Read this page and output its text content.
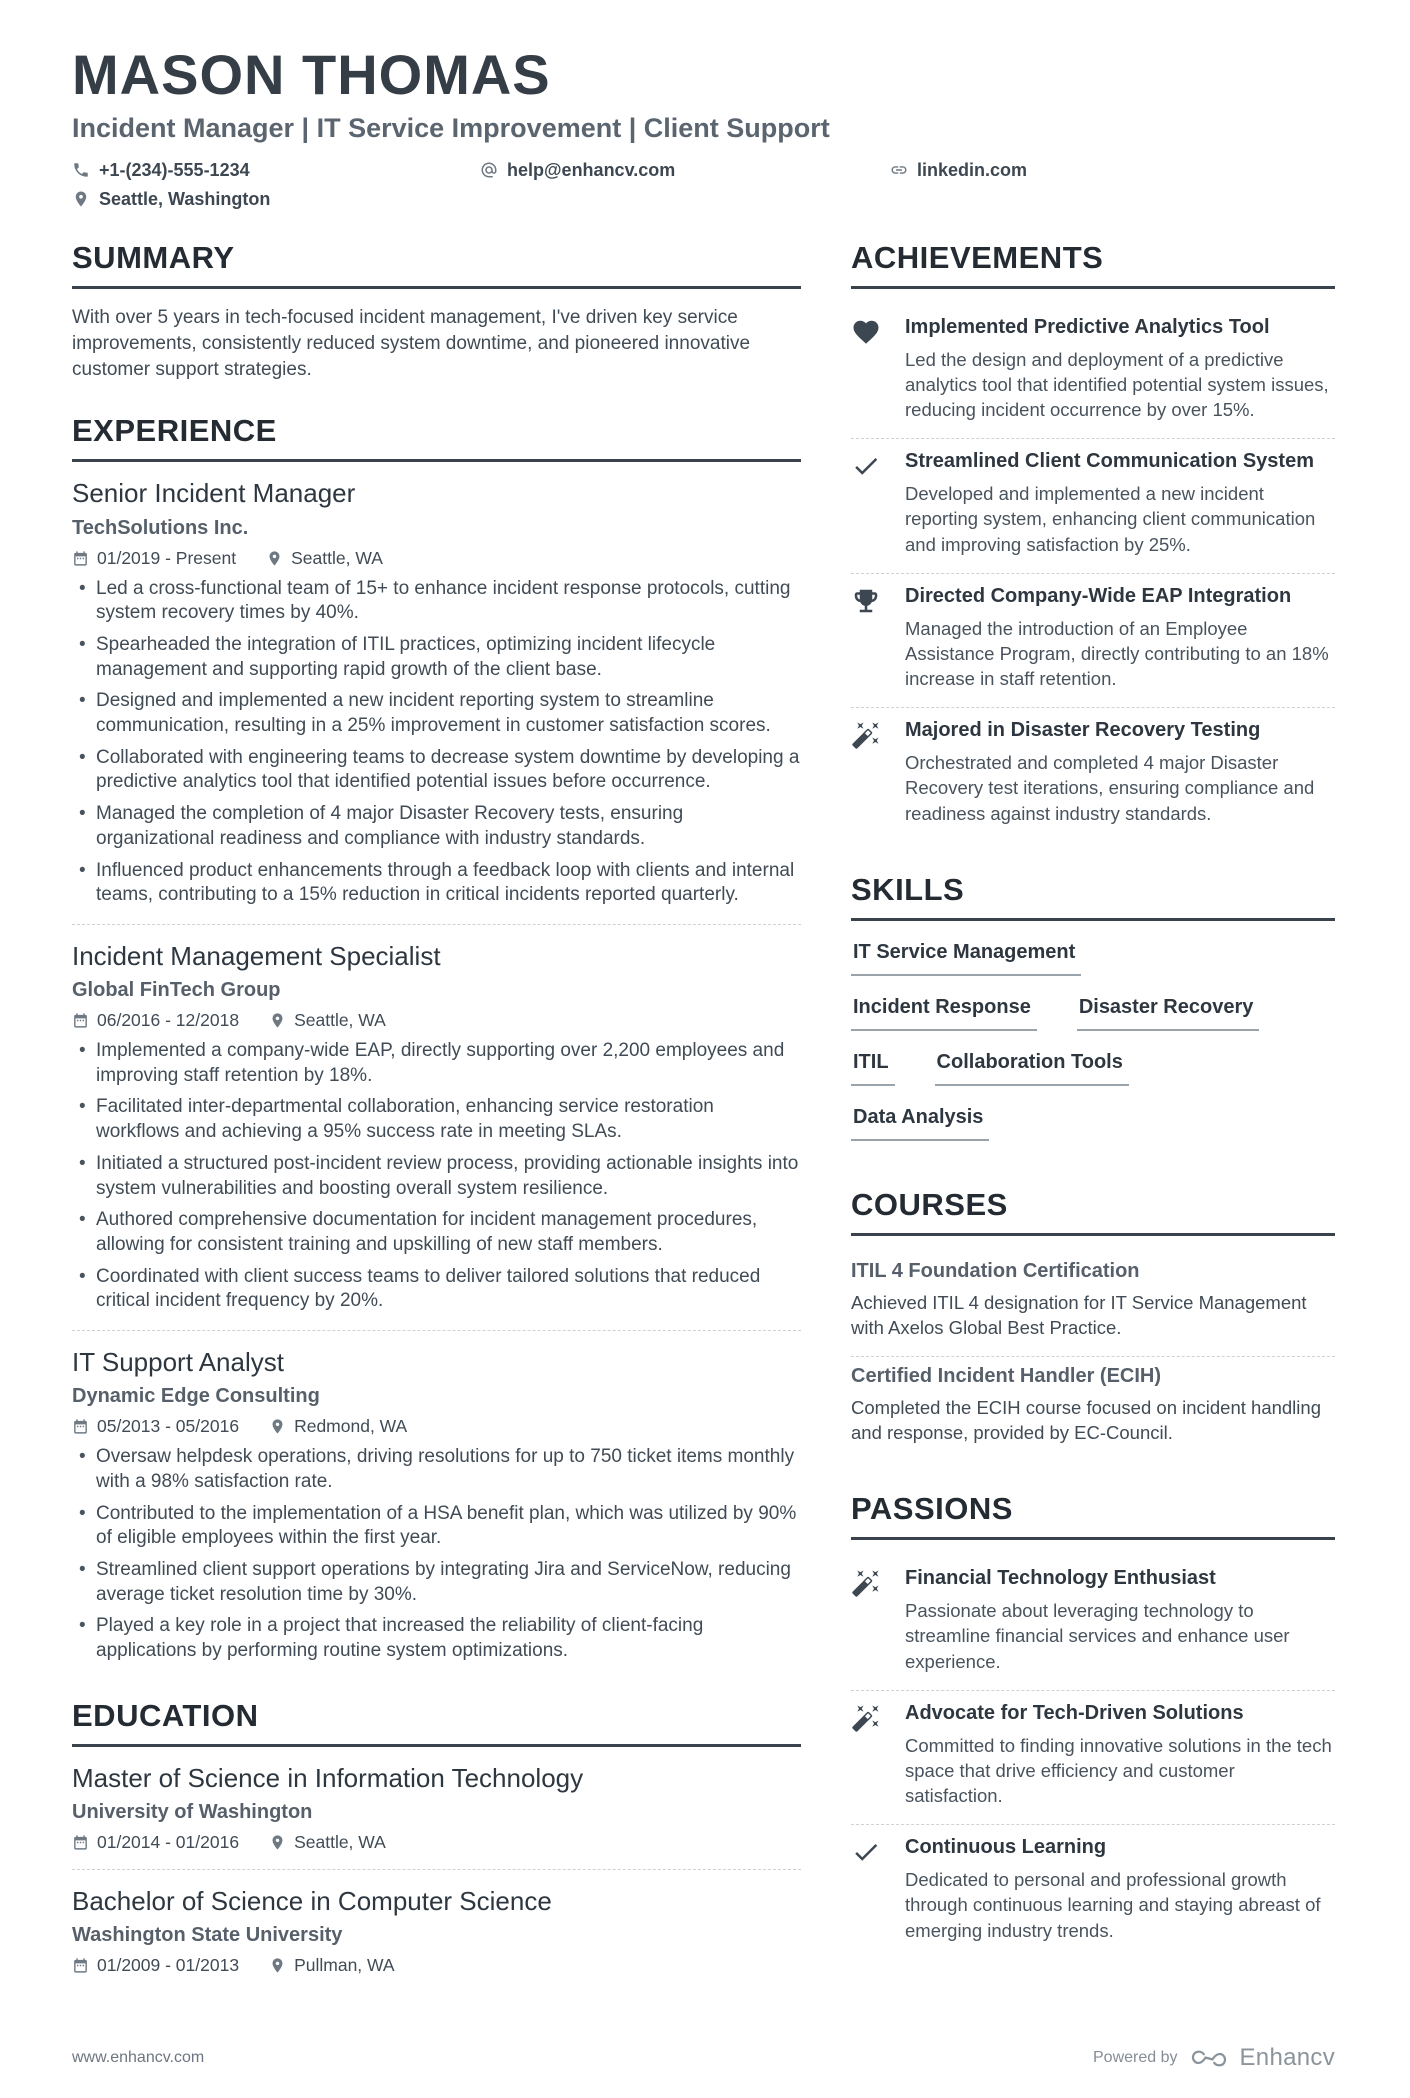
MASON THOMAS
Incident Manager | IT Service Improvement | Client Support
+1-(234)-555-1234	help@enhancv.com	linkedin.com
Seattle, Washington
SUMMARY

With over 5 years in tech-focused incident management, I've driven key service improvements, consistently reduced system downtime, and pioneered innovative customer support strategies.

EXPERIENCE
Senior Incident Manager
TechSolutions Inc.
01/2019 - Present	Seattle, WA
• Led a cross-functional team of 15+ to enhance incident response protocols, cutting system recovery times by 40%.
• Spearheaded the integration of ITIL practices, optimizing incident lifecycle management and supporting rapid growth of the client base.
• Designed and implemented a new incident reporting system to streamline communication, resulting in a 25% improvement in customer satisfaction scores.
• Collaborated with engineering teams to decrease system downtime by developing a predictive analytics tool that identified potential issues before occurrence.
• Managed the completion of 4 major Disaster Recovery tests, ensuring organizational readiness and compliance with industry standards.
• Influenced product enhancements through a feedback loop with clients and internal teams, contributing to a 15% reduction in critical incidents reported quarterly.
Incident Management Specialist
Global FinTech Group
06/2016 - 12/2018	Seattle, WA
• Implemented a company-wide EAP, directly supporting over 2,200 employees and improving staff retention by 18%.
• Facilitated inter-departmental collaboration, enhancing service restoration workflows and achieving a 95% success rate in meeting SLAs.
• Initiated a structured post-incident review process, providing actionable insights into system vulnerabilities and boosting overall system resilience.
• Authored comprehensive documentation for incident management procedures, allowing for consistent training and upskilling of new staff members.
• Coordinated with client success teams to deliver tailored solutions that reduced critical incident frequency by 20%.
IT Support Analyst
Dynamic Edge Consulting
05/2013 - 05/2016	Redmond, WA
• Oversaw helpdesk operations, driving resolutions for up to 750 ticket items monthly with a 98% satisfaction rate.
• Contributed to the implementation of a HSA benefit plan, which was utilized by 90% of eligible employees within the first year.
• Streamlined client support operations by integrating Jira and ServiceNow, reducing average ticket resolution time by 30%.
• Played a key role in a project that increased the reliability of client-facing applications by performing routine system optimizations.
EDUCATION
Master of Science in Information Technology
University of Washington
01/2014 - 01/2016	Seattle, WA
Bachelor of Science in Computer Science
Washington State University
01/2009 - 01/2013	Pullman, WA
ACHIEVEMENTS
Implemented Predictive Analytics Tool
Led the design and deployment of a predictive analytics tool that identified potential system issues, reducing incident occurrence by over 15%.
Streamlined Client Communication System
Developed and implemented a new incident reporting system, enhancing client communication and improving satisfaction by 25%.
Directed Company-Wide EAP Integration
Managed the introduction of an Employee Assistance Program, directly contributing to an 18% increase in staff retention.
Majored in Disaster Recovery Testing
Orchestrated and completed 4 major Disaster Recovery test iterations, ensuring compliance and readiness against industry standards.
SKILLS
IT Service Management
Incident Response	Disaster Recovery
ITIL	Collaboration Tools
Data Analysis
COURSES
ITIL 4 Foundation Certification
Achieved ITIL 4 designation for IT Service Management with Axelos Global Best Practice.
Certified Incident Handler (ECIH)
Completed the ECIH course focused on incident handling and response, provided by EC-Council.
PASSIONS
Financial Technology Enthusiast
Passionate about leveraging technology to streamline financial services and enhance user experience.
Advocate for Tech-Driven Solutions
Committed to finding innovative solutions in the tech space that drive efficiency and customer satisfaction.
Continuous Learning
Dedicated to personal and professional growth through continuous learning and staying abreast of emerging industry trends.
www.enhancv.com	Powered by	Enhancv
